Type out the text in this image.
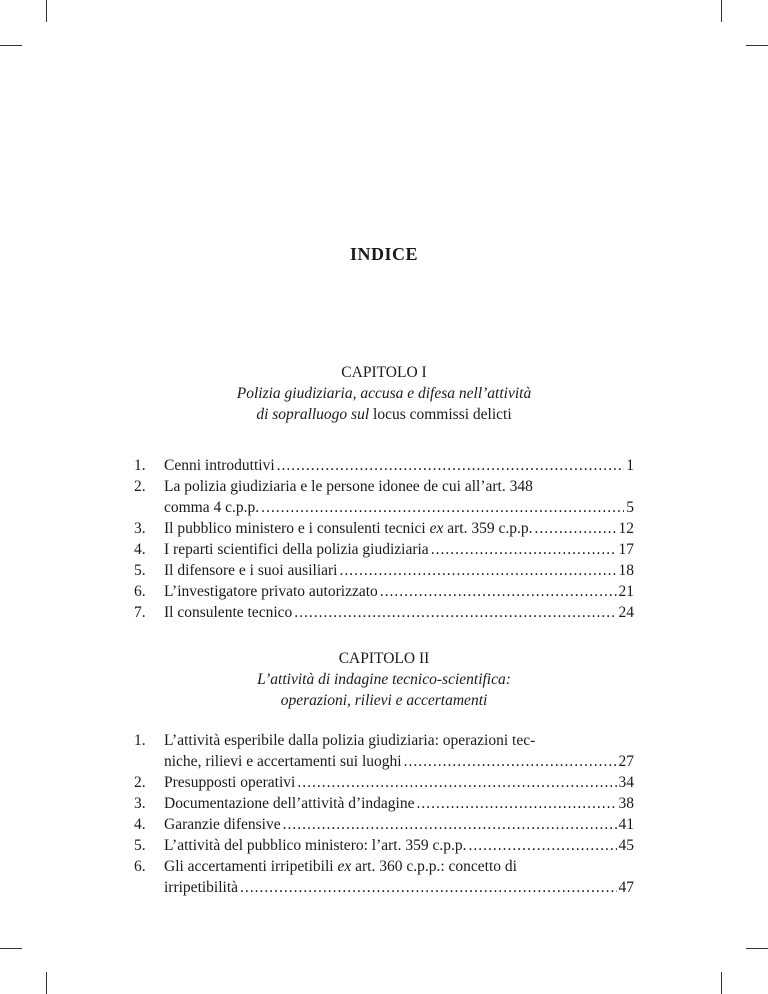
INDICE
CAPITOLO I
Polizia giudiziaria, accusa e difesa nell’attività
di sopralluogo sul locus commissi delicti
1. Cenni introduttivi .....	1
2. La polizia giudiziaria e le persone idonee de cui all’art. 348
comma 4 c.p.p. .....	5
3. Il pubblico ministero e i consulenti tecnici ex art. 359 c.p.p. .....	12
4. I reparti scientifici della polizia giudiziaria .....	17
5. Il difensore e i suoi ausiliari .....	18
6. L’investigatore privato autorizzato .....	21
7. Il consulente tecnico .....	24
CAPITOLO II
L’attività di indagine tecnico-scientifica:
operazioni, rilievi e accertamenti
1. L’attività esperibile dalla polizia giudiziaria: operazioni tec-
niche, rilievi e accertamenti sui luoghi .....	27
2. Presupposti operativi .....	34
3. Documentazione dell’attività d’indagine .....	38
4. Garanzie difensive .....	41
5. L’attività del pubblico ministero: l’art. 359 c.p.p. .....	45
6. Gli accertamenti irripetibili ex art. 360 c.p.p.: concetto di
irripetibilità .....	47
